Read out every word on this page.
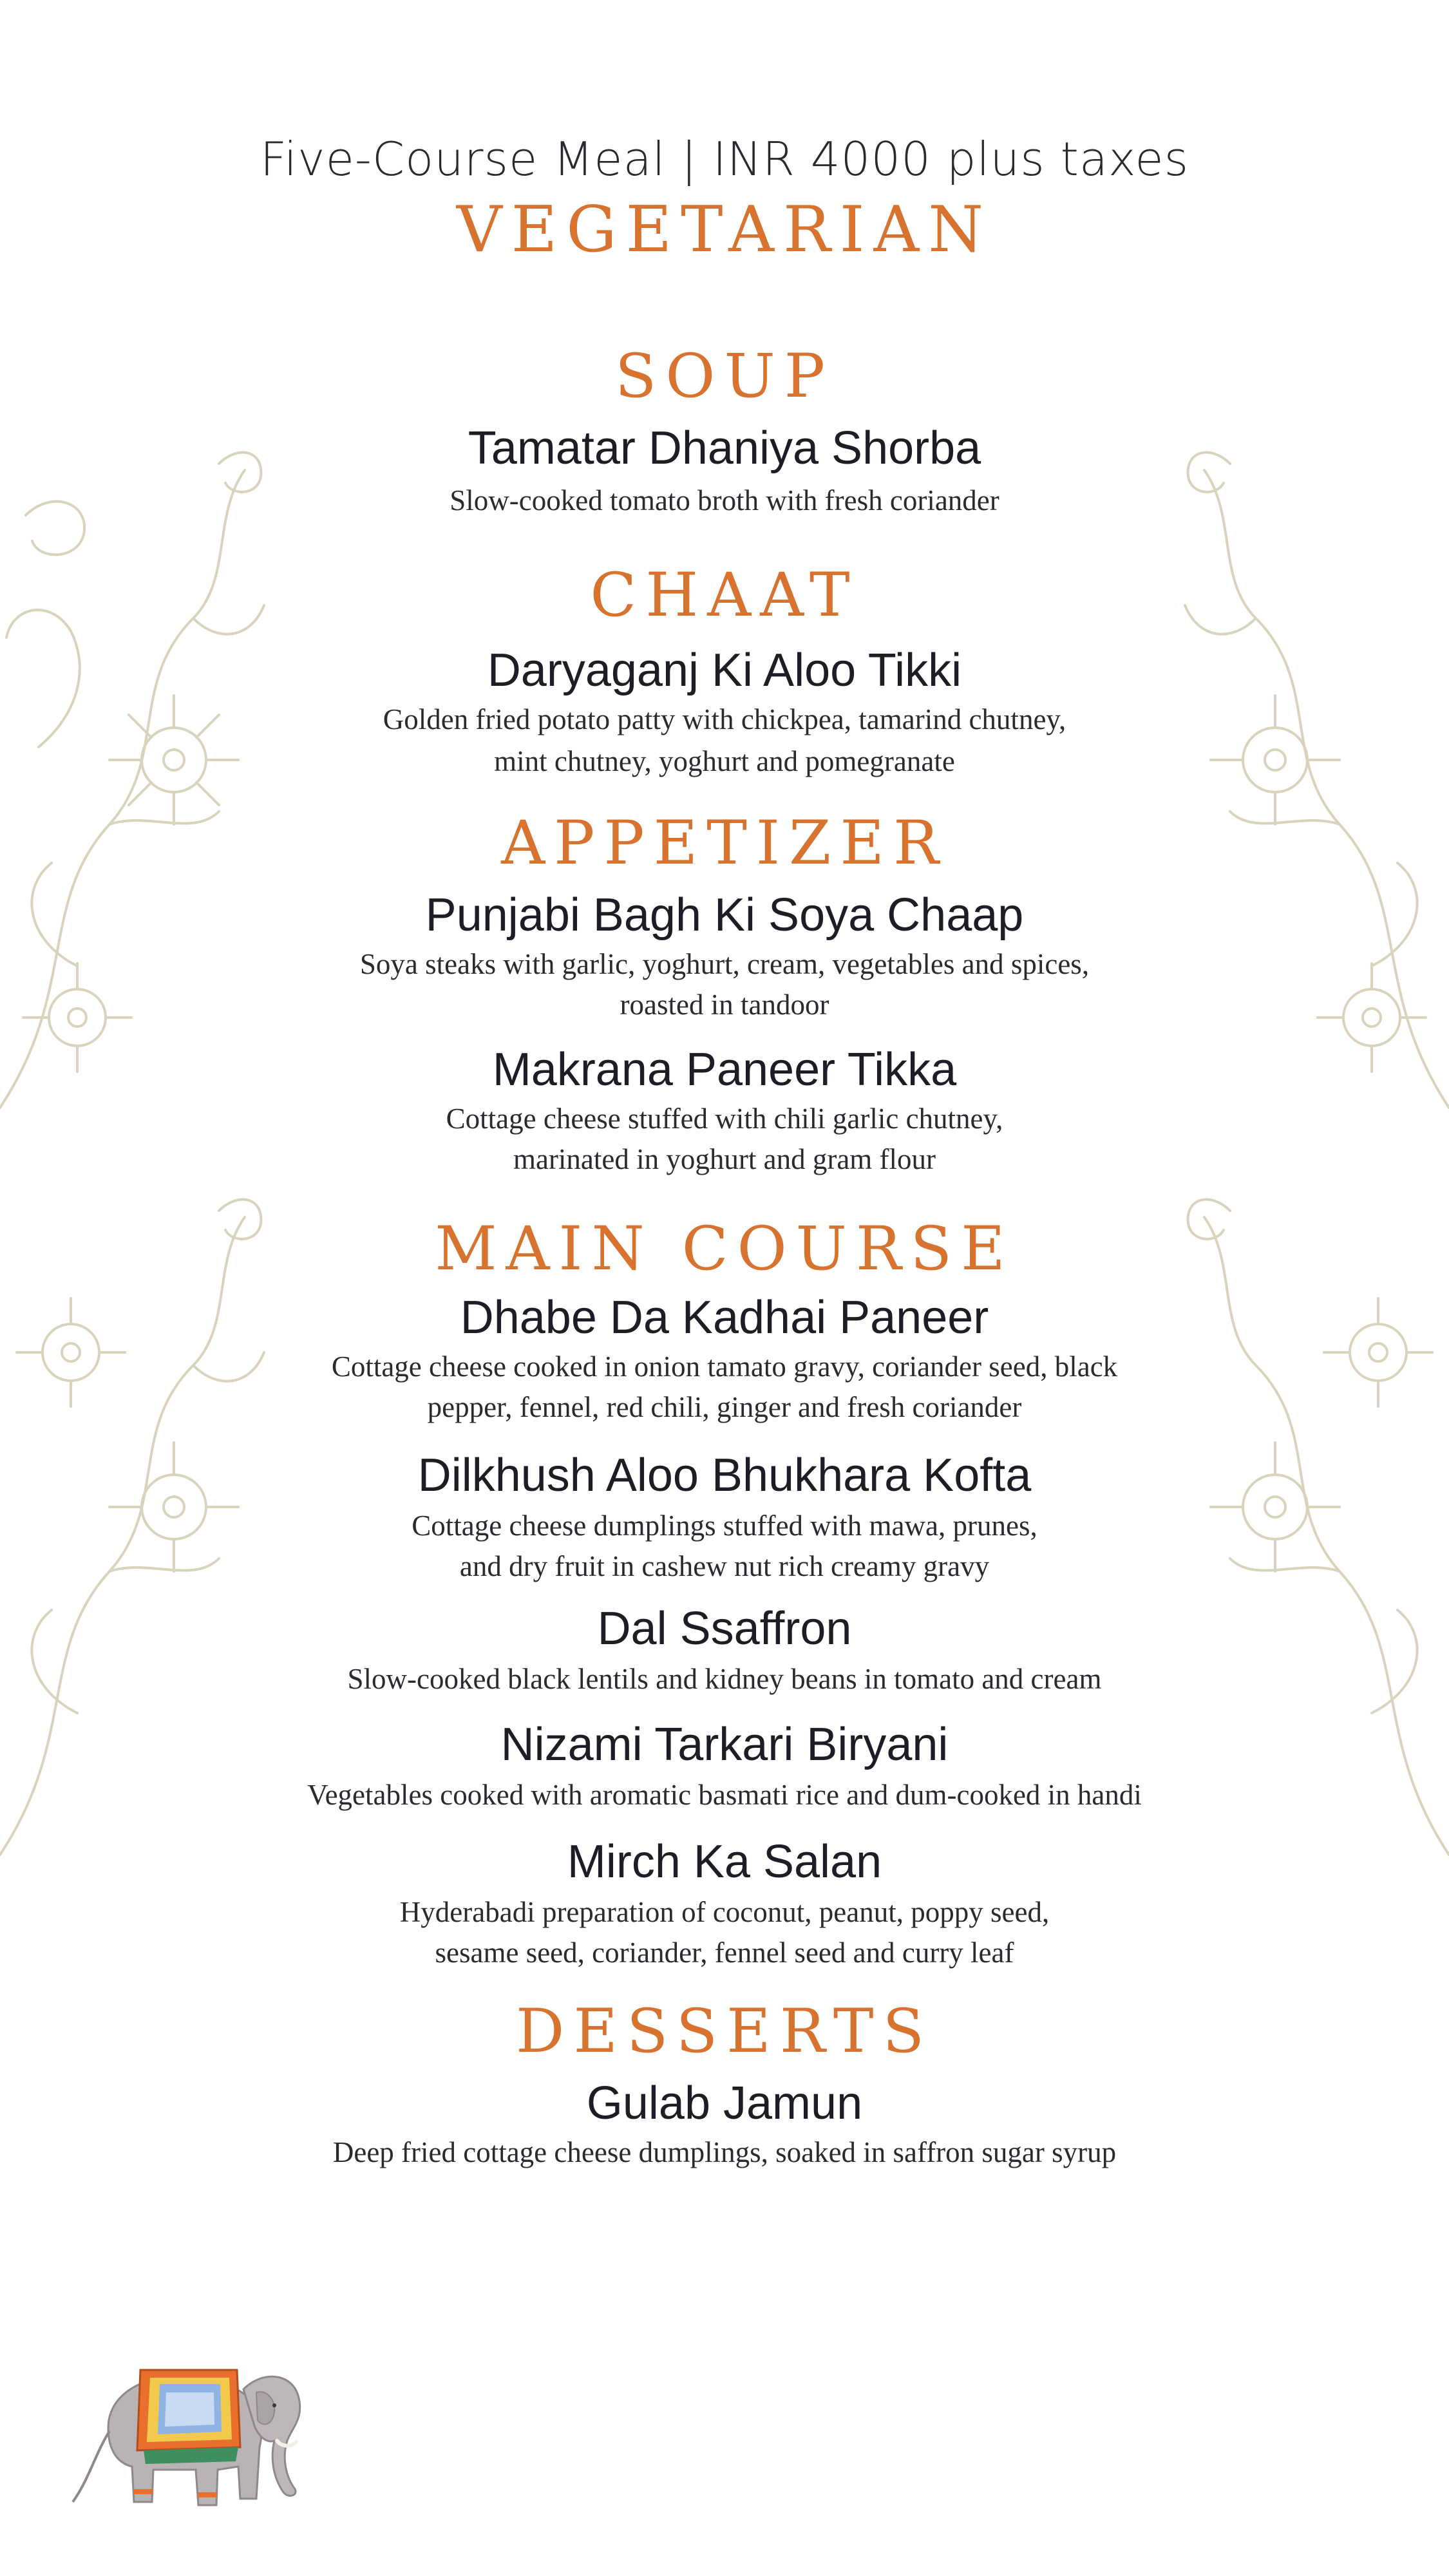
Five-Course Meal | INR 4000 plus taxes

VEGETARIAN

SOUP

Tamatar Dhaniya Shorba

Slow-cooked tomato broth with fresh coriander

CHAAT

Daryaganj Ki Aloo Tikki

Golden fried potato patty with chickpea, tamarind chutney,

mint chutney, yoghurt and pomegranate

APPETIZER

Punjabi Bagh Ki Soya Chaap

Soya steaks with garlic, yoghurt, cream, vegetables and spices,

roasted in tandoor

Makrana Paneer Tikka

Cottage cheese stuffed with chili garlic chutney,

marinated in yoghurt and gram flour

MAIN COURSE

Dhabe Da Kadhai Paneer

Cottage cheese cooked in onion tamato gravy, coriander seed, black

pepper, fennel, red chili, ginger and fresh coriander

Dilkhush Aloo Bhukhara Kofta

Cottage cheese dumplings stuffed with mawa, prunes,

and dry fruit in cashew nut rich creamy gravy

Dal Ssaffron

Slow-cooked black lentils and kidney beans in tomato and cream

Nizami Tarkari Biryani

Vegetables cooked with aromatic basmati rice and dum-cooked in handi

Mirch Ka Salan

Hyderabadi preparation of coconut, peanut, poppy seed,

sesame seed, coriander, fennel seed and curry leaf

DESSERTS

Gulab Jamun

Deep fried cottage cheese dumplings, soaked in saffron sugar syrup
